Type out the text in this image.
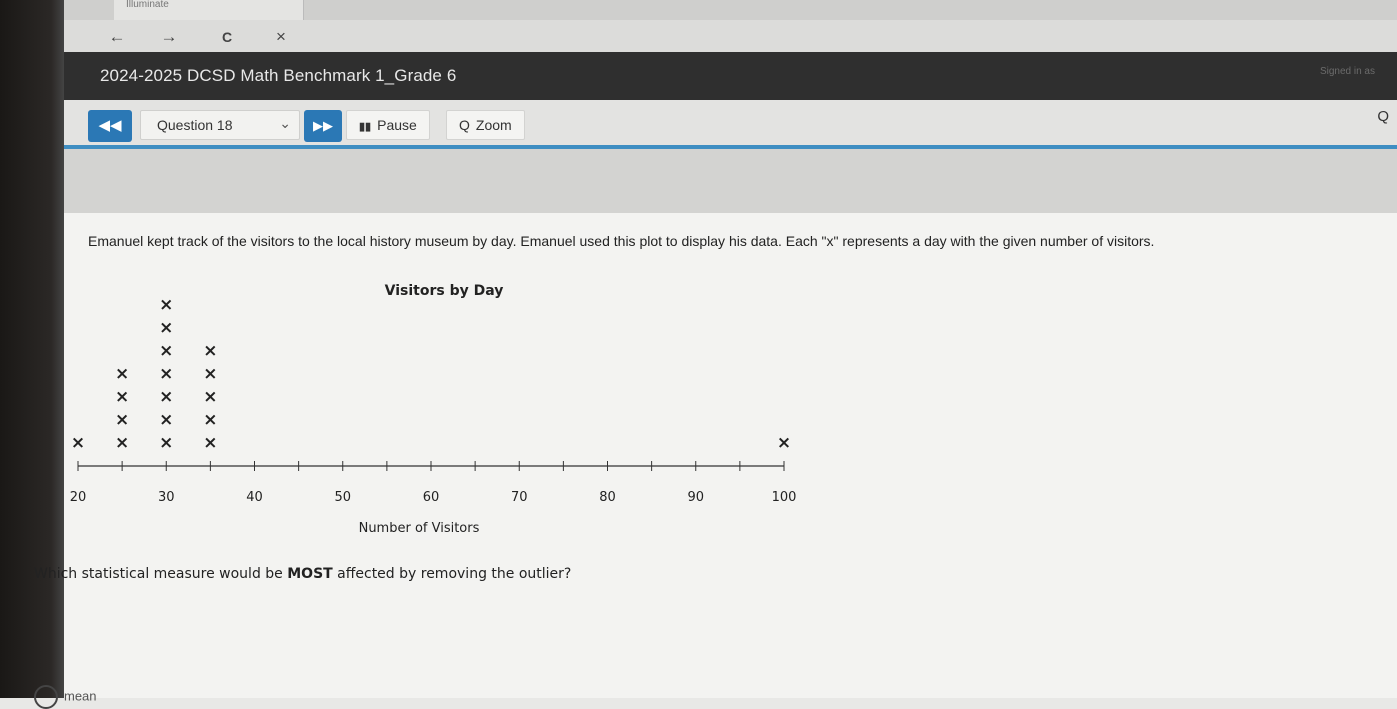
Illuminate
← →	C	×
2024-2025 DCSD Math Benchmark 1_Grade 6	Signed in as
◀◀	Question 18	⌄	▶▶	▮▮ Pause	Q Zoom	Q
Emanuel kept track of the visitors to the local history museum by day. Emanuel used this plot to display his data. Each "x" represents a day with the given number of visitors.
Visitors by Day
20	30	40	50	60	70	80	90	100
Number of Visitors
× ×
×
×
×
×
×
×
×
×
×
×
×
×
×
×
×
×
Which statistical measure would be MOST affected by removing the outlier?
mean
